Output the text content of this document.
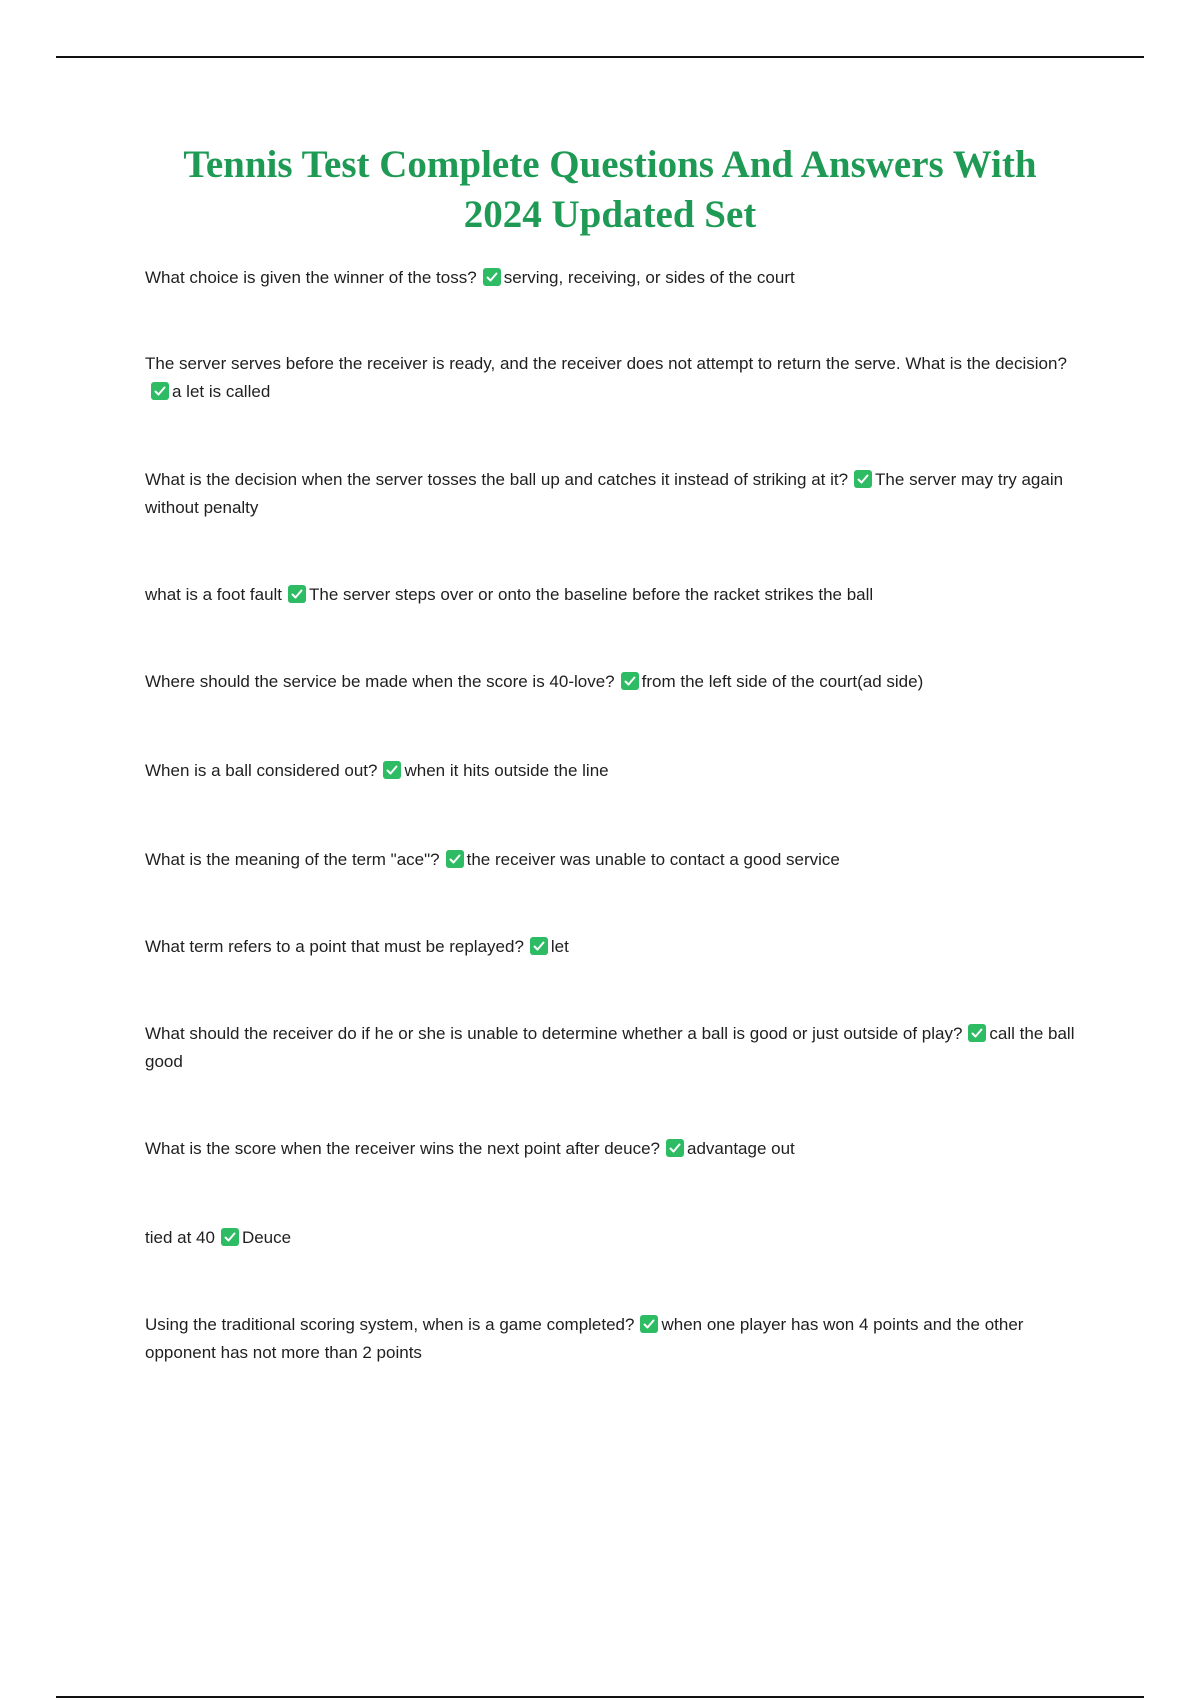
Tennis Test Complete Questions And Answers With 2024 Updated Set
What choice is given the winner of the toss? serving, receiving, or sides of the court
The server serves before the receiver is ready, and the receiver does not attempt to return the serve. What is the decision?
a let is called
What is the decision when the server tosses the ball up and catches it instead of striking at it? The server may try again without penalty
what is a foot fault The server steps over or onto the baseline before the racket strikes the ball
Where should the service be made when the score is 40-love? from the left side of the court(ad side)
When is a ball considered out? when it hits outside the line
What is the meaning of the term "ace"? the receiver was unable to contact a good service
What term refers to a point that must be replayed? let
What should the receiver do if he or she is unable to determine whether a ball is good or just outside of play? call the ball good
What is the score when the receiver wins the next point after deuce? advantage out
tied at 40 Deuce
Using the traditional scoring system, when is a game completed? when one player has won 4 points and the other opponent has not more than 2 points
